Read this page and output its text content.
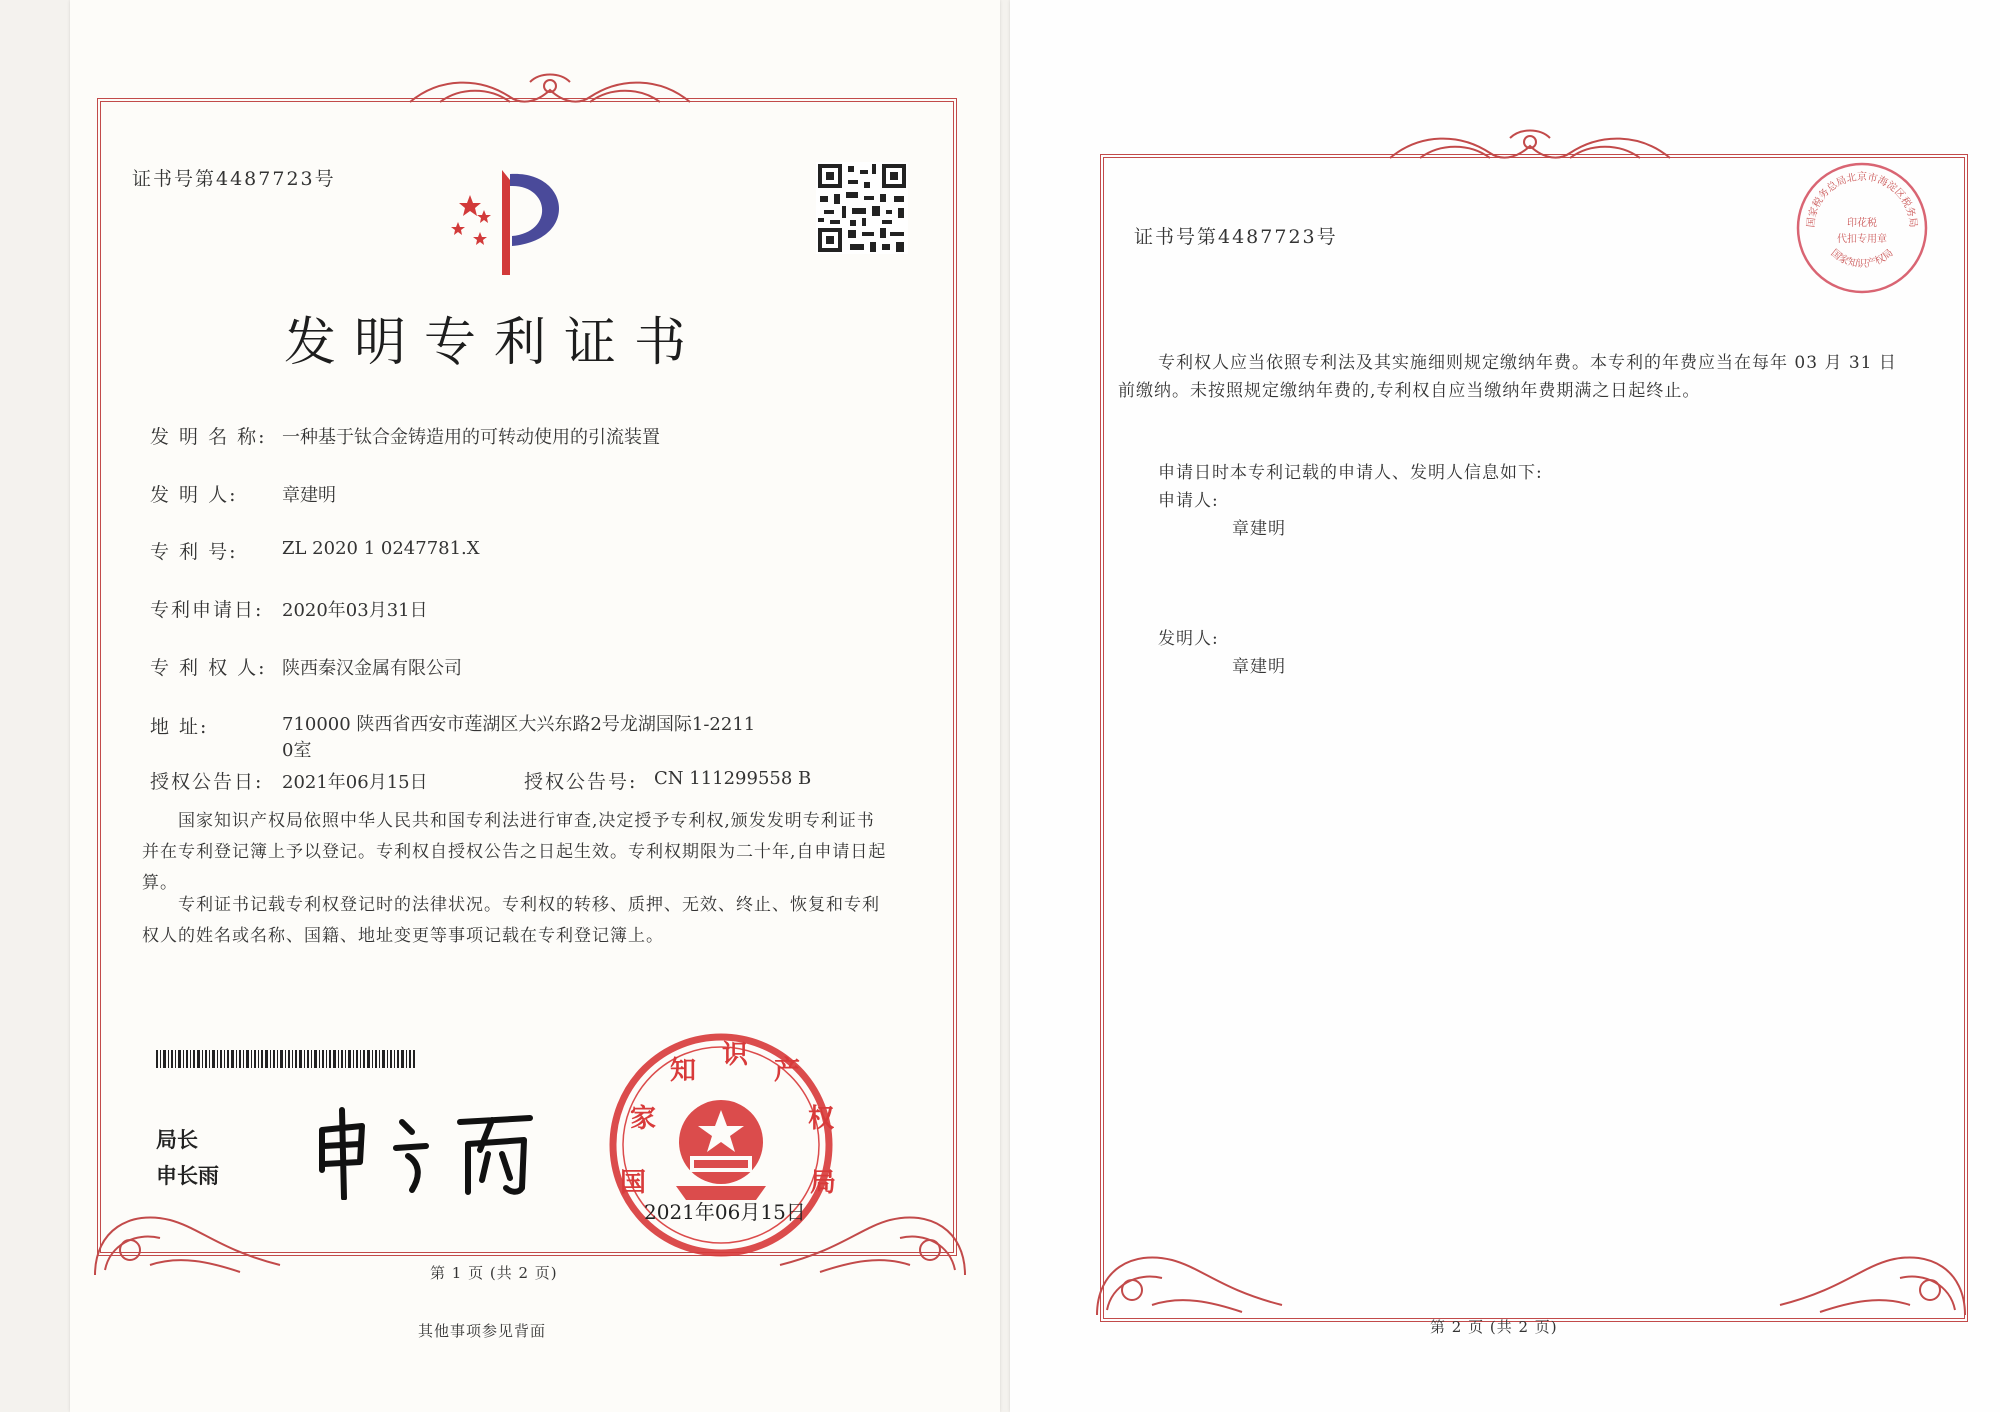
证书号第4487723号
发明专利证书
发 明 名 称: 一种基于钛合金铸造用的可转动使用的引流装置
发 明 人: 章建明
专 利 号: ZL 2020 1 0247781.X
专利申请日: 2020年03月31日
专 利 权 人: 陕西秦汉金属有限公司
地 址:	710000 陕西省西安市莲湖区大兴东路2号龙湖国际1-2211
0室
授权公告日: 2021年06月15日	授权公告号: CN 111299558 B
国家知识产权局依照中华人民共和国专利法进行审查,决定授予专利权,颁发发明专利证书并在专利登记簿上予以登记。专利权自授权公告之日起生效。专利权期限为二十年,自申请日起算。
专利证书记载专利权登记时的法律状况。专利权的转移、质押、无效、终止、恢复和专利权人的姓名或名称、国籍、地址变更等事项记载在专利登记簿上。
局长
申长雨	国
家
知
识
产
权
局
2021年06月15日
第 1 页 (共 2 页)
其他事项参见背面
证书号第4487723号
国家税务总局北京市海淀区税务局
印花税
代扣专用章
国家知识产权局
专利权人应当依照专利法及其实施细则规定缴纳年费。本专利的年费应当在每年 03 月 31 日
前缴纳。未按照规定缴纳年费的,专利权自应当缴纳年费期满之日起终止。
申请日时本专利记载的申请人、发明人信息如下:
申请人:
章建明
发明人:
章建明
第 2 页 (共 2 页)
